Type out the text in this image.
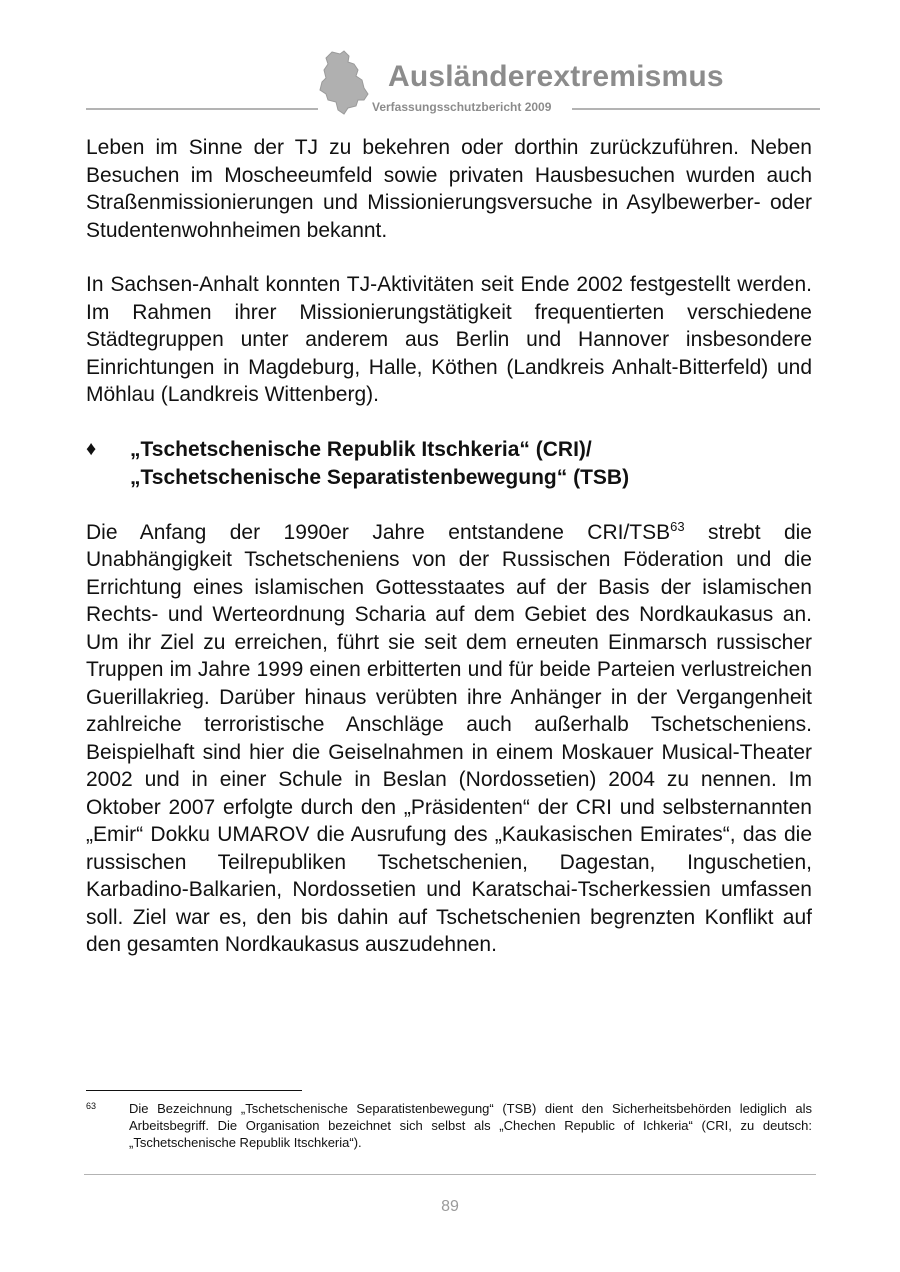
Ausländerextremismus
Verfassungsschutzbericht 2009

Leben im Sinne der TJ zu bekehren oder dorthin zurückzuführen. Neben Besuchen im Moscheeumfeld sowie privaten Hausbesuchen wurden auch Straßenmissionierungen und Missionierungsversuche in Asylbewerber- oder Studentenwohnheimen bekannt.

In Sachsen-Anhalt konnten TJ-Aktivitäten seit Ende 2002 festgestellt werden. Im Rahmen ihrer Missionierungstätigkeit frequentierten verschiedene Städtegruppen unter anderem aus Berlin und Hannover insbesondere Einrichtungen in Magdeburg, Halle, Köthen (Landkreis Anhalt-Bitterfeld) und Möhlau (Landkreis Wittenberg).

♦ „Tschetschenische Republik Itschkeria“ (CRI)/
„Tschetschenische Separatistenbewegung“ (TSB)

Die Anfang der 1990er Jahre entstandene CRI/TSB$^{63}$ strebt die Unabhängigkeit Tschetscheniens von der Russischen Föderation und die Errichtung eines islamischen Gottesstaates auf der Basis der islamischen Rechts- und Werteordnung Scharia auf dem Gebiet des Nordkaukasus an. Um ihr Ziel zu erreichen, führt sie seit dem erneuten Einmarsch russischer Truppen im Jahre 1999 einen erbitterten und für beide Parteien verlustreichen Guerillakrieg. Darüber hinaus verübten ihre Anhänger in der Vergangenheit zahlreiche terroristische Anschläge auch außerhalb Tschetscheniens. Beispielhaft sind hier die Geiselnahmen in einem Moskauer Musical-Theater 2002 und in einer Schule in Beslan (Nordossetien) 2004 zu nennen. Im Oktober 2007 erfolgte durch den „Präsidenten“ der CRI und selbsternannten „Emir“ Dokku UMAROV die Ausrufung des „Kaukasischen Emirates“, das die russischen Teilrepubliken Tschetschenien, Dagestan, Inguschetien, Karbadino-Balkarien, Nordossetien und Karatschai-Tscherkessien umfassen soll. Ziel war es, den bis dahin auf Tschetschenien begrenzten Konflikt auf den gesamten Nordkaukasus auszudehnen.

63	Die Bezeichnung „Tschetschenische Separatistenbewegung“ (TSB) dient den Sicherheitsbehörden lediglich als Arbeitsbegriff. Die Organisation bezeichnet sich selbst als „Chechen Republic of Ichkeria“ (CRI, zu deutsch: „Tschetschenische Republik Itschkeria“).
89
